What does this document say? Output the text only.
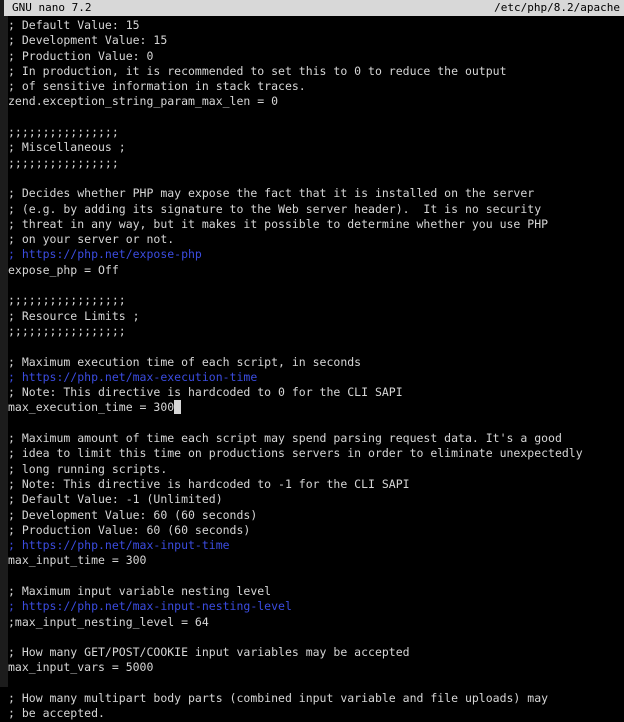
GNU nano 7.2	/etc/php/8.2/apache
; Default Value: 15
; Development Value: 15
; Production Value: 0
; In production, it is recommended to set this to 0 to reduce the output
; of sensitive information in stack traces.
zend.exception_string_param_max_len = 0
;;;;;;;;;;;;;;;;
; Miscellaneous ;
;;;;;;;;;;;;;;;;
; Decides whether PHP may expose the fact that it is installed on the server
; (e.g. by adding its signature to the Web server header).  It is no security
; threat in any way, but it makes it possible to determine whether you use PHP
; on your server or not.
; https://php.net/expose-php
expose_php = Off
;;;;;;;;;;;;;;;;;
; Resource Limits ;
;;;;;;;;;;;;;;;;;
; Maximum execution time of each script, in seconds
; https://php.net/max-execution-time
; Note: This directive is hardcoded to 0 for the CLI SAPI
max_execution_time = 300
; Maximum amount of time each script may spend parsing request data. It's a good
; idea to limit this time on productions servers in order to eliminate unexpectedly
; long running scripts.
; Note: This directive is hardcoded to -1 for the CLI SAPI
; Default Value: -1 (Unlimited)
; Development Value: 60 (60 seconds)
; Production Value: 60 (60 seconds)
; https://php.net/max-input-time
max_input_time = 300
; Maximum input variable nesting level
; https://php.net/max-input-nesting-level
;max_input_nesting_level = 64
; How many GET/POST/COOKIE input variables may be accepted
max_input_vars = 5000
; How many multipart body parts (combined input variable and file uploads) may
; be accepted.
